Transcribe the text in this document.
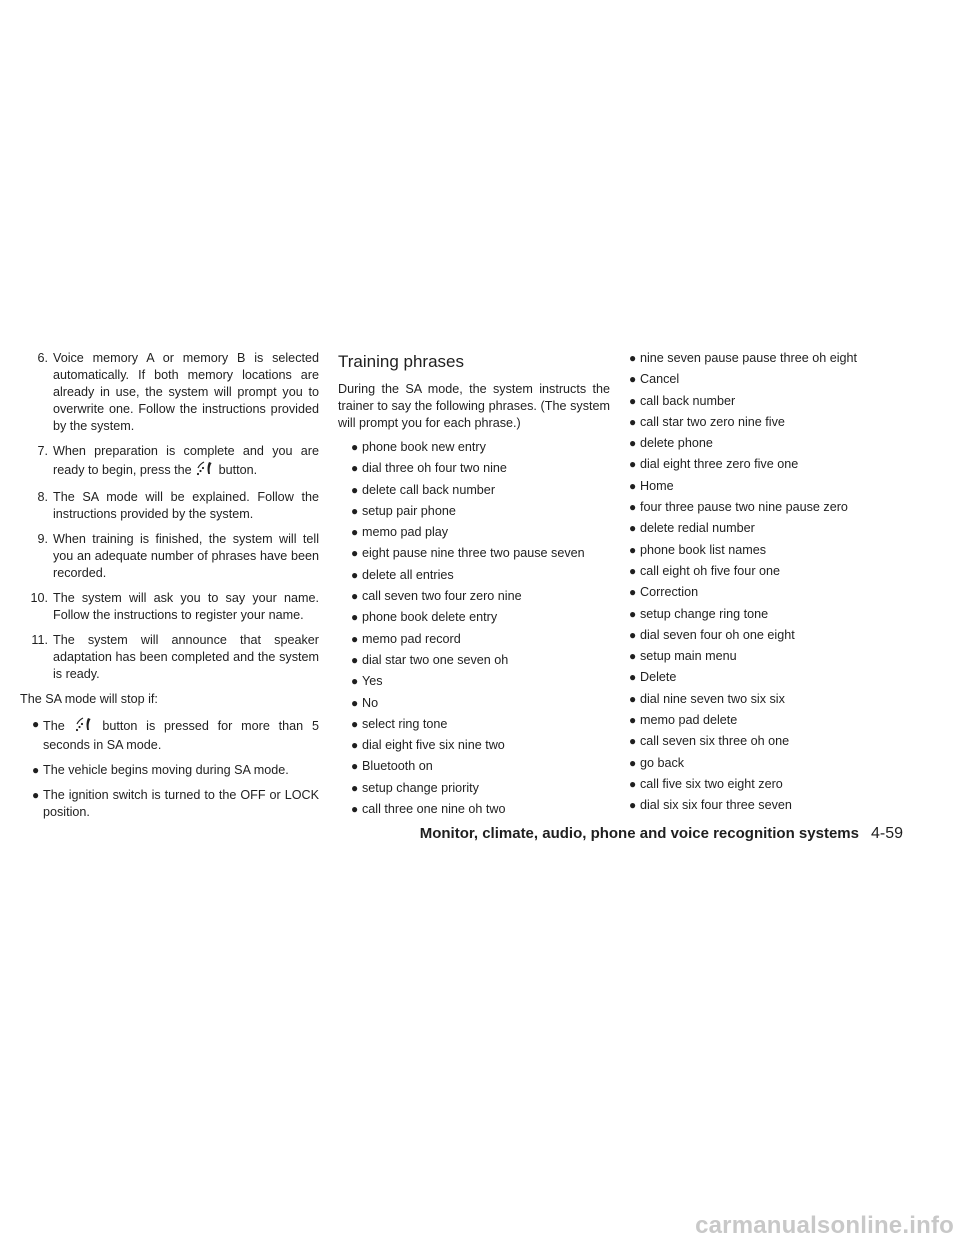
6. Voice memory A or memory B is selected automatically. If both memory locations are already in use, the system will prompt you to overwrite one. Follow the instructions provided by the system.
7. When preparation is complete and you are ready to begin, press the button.
8. The SA mode will be explained. Follow the instructions provided by the system.
9. When training is finished, the system will tell you an adequate number of phrases have been recorded.
10. The system will ask you to say your name. Follow the instructions to register your name.
11. The system will announce that speaker adaptation has been completed and the system is ready.
The SA mode will stop if:
● The	button is pressed for more than 5 seconds in SA mode.
● The vehicle begins moving during SA mode.
● The ignition switch is turned to the OFF or LOCK position.
Training phrases
During the SA mode, the system instructs the trainer to say the following phrases. (The system will prompt you for each phrase.)
● phone book new entry
● dial three oh four two nine
● delete call back number
● setup pair phone
● memo pad play
● eight pause nine three two pause seven
● delete all entries
● call seven two four zero nine
● phone book delete entry
● memo pad record
● dial star two one seven oh
● Yes
● No
● select ring tone
● dial eight five six nine two
● Bluetooth on
● setup change priority
● call three one nine oh two
● nine seven pause pause three oh eight
● Cancel
● call back number
● call star two zero nine five
● delete phone
● dial eight three zero five one
● Home
● four three pause two nine pause zero
● delete redial number
● phone book list names
● call eight oh five four one
● Correction
● setup change ring tone
● dial seven four oh one eight
● setup main menu
● Delete
● dial nine seven two six six
● memo pad delete
● call seven six three oh one
● go back
● call five six two eight zero
● dial six six four three seven
Monitor, climate, audio, phone and voice recognition systems 4-59
carmanualsonline.info
